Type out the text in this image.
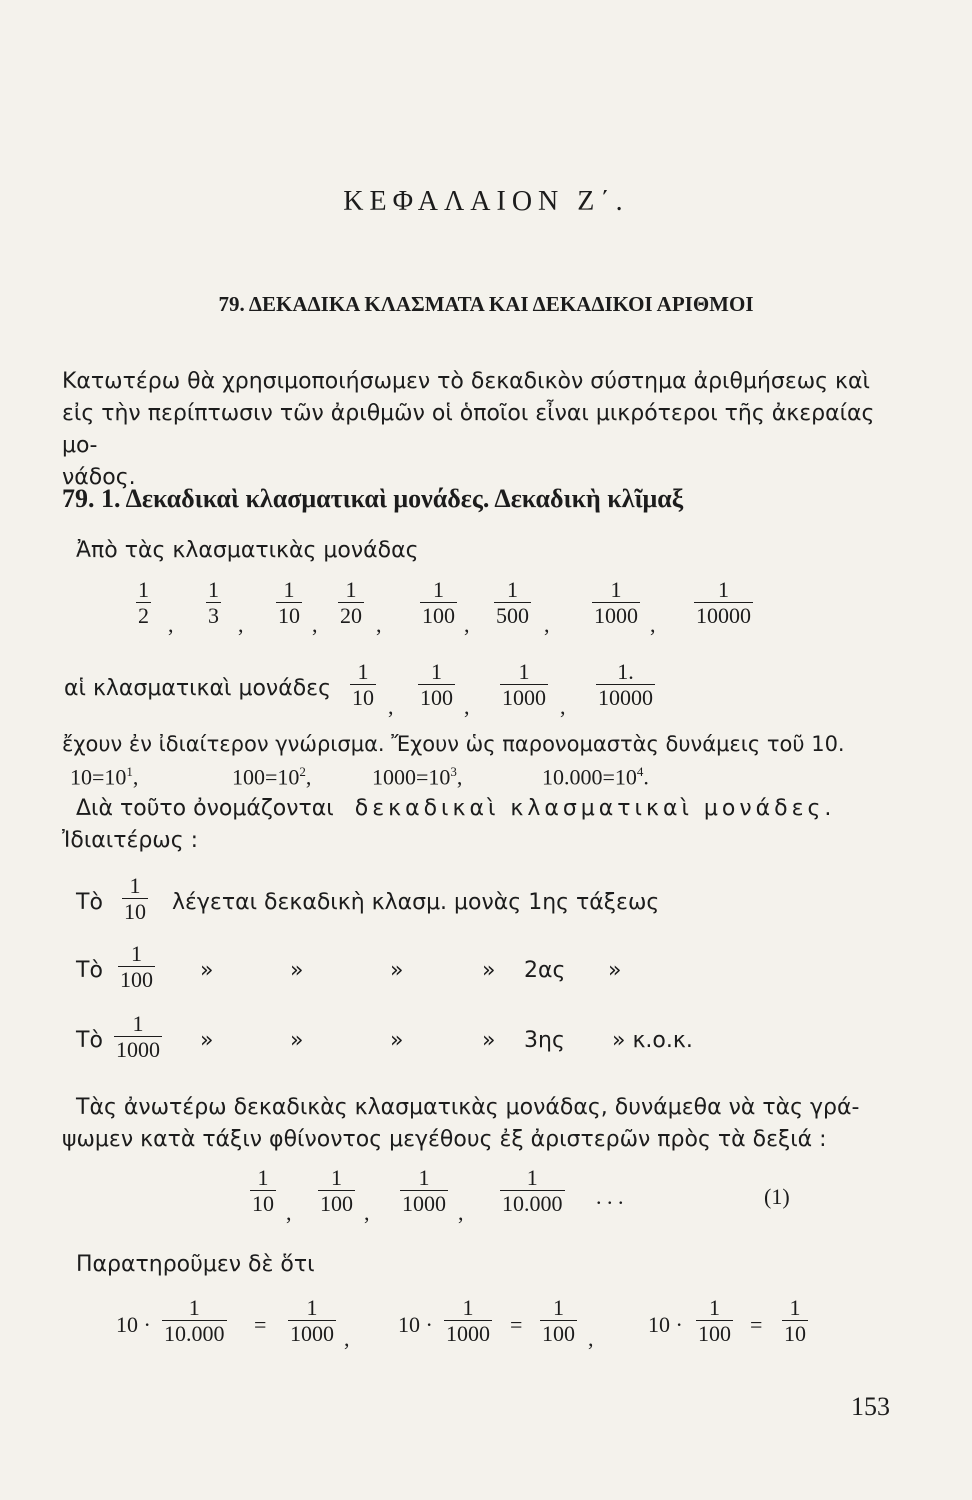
ΚΕΦΑΛΑΙΟΝ Ζ΄.
79. ΔΕΚΑΔΙΚΑ ΚΛΑΣΜΑΤΑ ΚΑΙ ΔΕΚΑΔΙΚΟΙ ΑΡΙΘΜΟΙ
Κατωτέρω θὰ χρησιμοποιήσωμεν τὸ δεκαδικὸν σύστημα ἀριθμήσεως καὶ
εἰς τὴν περίπτωσιν τῶν ἀριθμῶν οἱ ὁποῖοι εἶναι μικρότεροι τῆς ἀκεραίας μο-
νάδος.
79. 1. Δεκαδικαὶ κλασματικαὶ μονάδες. Δεκαδικὴ κλῖμαξ
Ἀπὸ τὰς κλασματικὰς μονάδας
$\frac{1}{2}$ , $\frac{1}{3}$ , $\frac{1}{10}$ , $\frac{1}{20}$ , $\frac{1}{100}$ , $\frac{1}{500}$ , $\frac{1}{1000}$ , $\frac{1}{10000}$
αἱ κλασματικαὶ μονάδες $\frac{1}{10}$ , $\frac{1}{100}$ , $\frac{1}{1000}$ , $\frac{1.}{10000}$
ἔχουν ἐν ἰδιαίτερον γνώρισμα. Ἔχουν ὡς παρονομαστὰς δυνάμεις τοῦ 10.
$10=10^1$,	$100=10^2$,	$1000=10^3$,	$10.000=10^4$.
Διὰ τοῦτο ὀνομάζονται δεκαδικαὶ κλασματικαὶ μονάδες.
Ἰδιαιτέρως :
Τὸ $\frac{1}{10}$ λέγεται δεκαδικὴ κλασμ. μονὰς 1ης τάξεως
Τὸ $\frac{1}{100}$ »	»	»	» 2ας »
Τὸ $\frac{1}{1000}$ »	»	»	» 3ης » κ.ο.κ.
Τὰς ἀνωτέρω δεκαδικὰς κλασματικὰς μονάδας, δυνάμεθα νὰ τὰς γρά-
ψωμεν κατὰ τάξιν φθίνοντος μεγέθους ἐξ ἀριστερῶν πρὸς τὰ δεξιά :
$\frac{1}{10}$ , $\frac{1}{100}$ , $\frac{1}{1000}$ , $\frac{1}{10.000}$ . . .	(1)
Παρατηροῦμεν δὲ ὅτι
$10 \cdot \frac{1}{10.000} = \frac{1}{1000}$ ,
$10 \cdot \frac{1}{1000} = \frac{1}{100}$ ,
$10 \cdot \frac{1}{100} = \frac{1}{10}$
153
